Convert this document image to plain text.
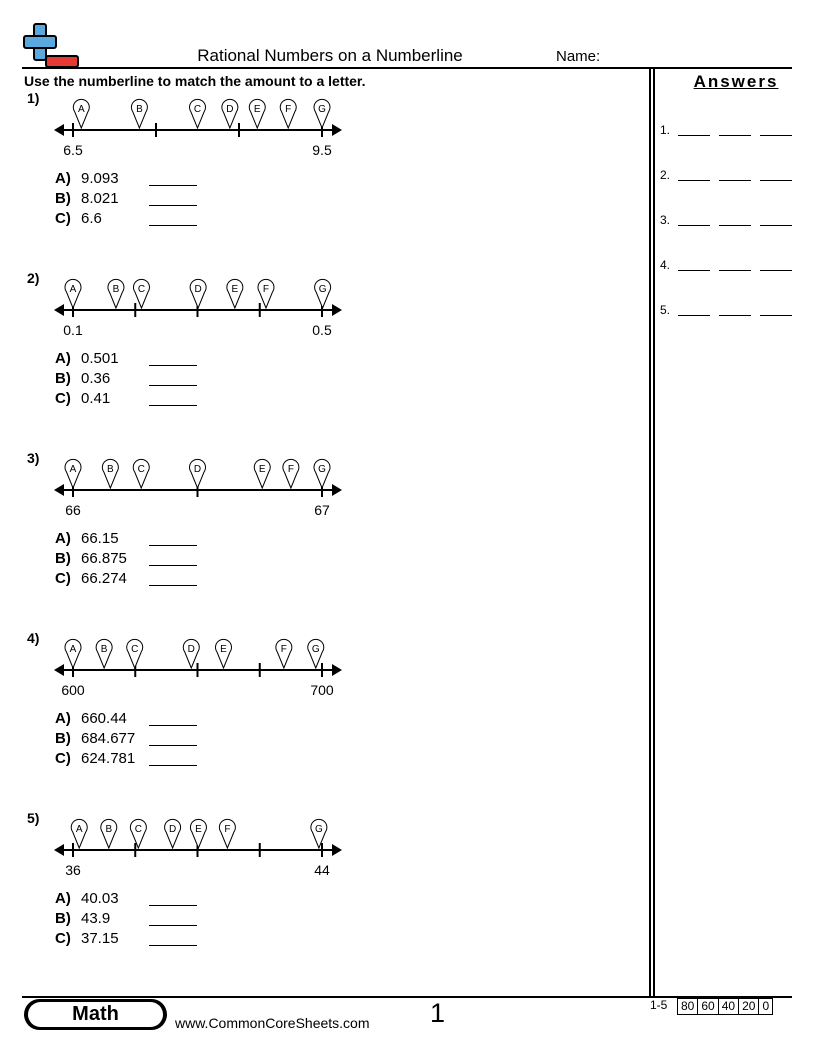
Rational Numbers on a Numberline	Name:
Use the numberline to match the amount to a letter.
1)
A	B	C	D E F	G
6.5	9.5
A) 9.093
B) 8.021
C) 6.6
2)
A	B C	D	E F	G
0.1	0.5
A) 0.501
B) 0.36
C) 0.41
3)
A	B C	D	E F G
66	67
A) 66.15
B) 66.875
C) 66.274
4)
A B C	D	E	F G
600	700
A) 660.44
B) 684.677
C) 624.781
5)
A B C	D E F	G
36	44
A) 40.03
B) 43.9
C) 37.15
Answers
1.
2.
3.
4.
5.
Math	www.CommonCoreSheets.com 1	1-5 80 60 40 20 0
